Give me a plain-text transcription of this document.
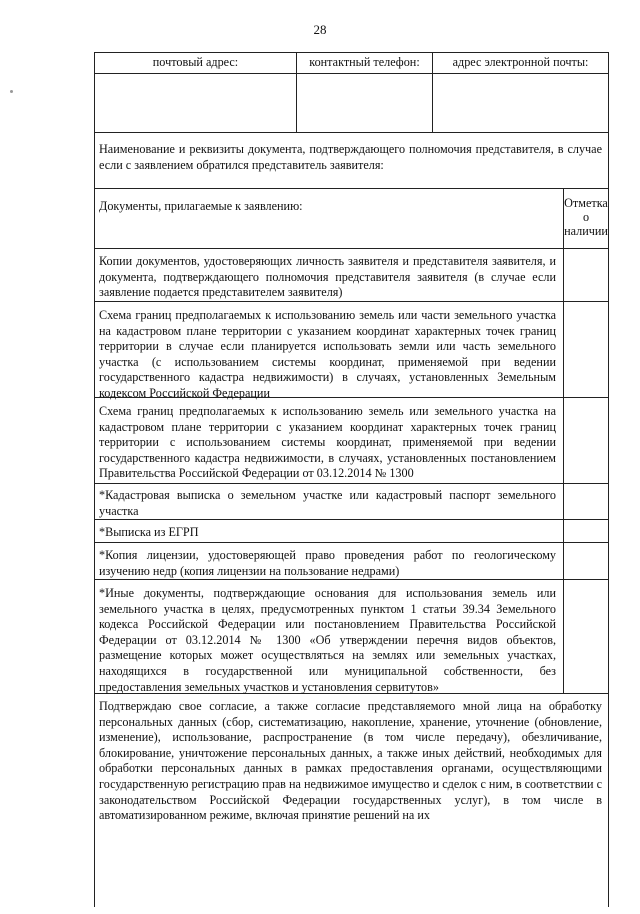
28
почтовый адрес:	контактный телефон:	адрес электронной почты:
Наименование и реквизиты документа, подтверждающего полномочия представителя, в случае если с заявлением обратился представитель заявителя:
Документы, прилагаемые к заявлению:	Отметка о наличии
Копии документов, удостоверяющих личность заявителя и представителя заявителя, и документа, подтверждающего полномочия представителя заявителя (в случае если заявление подается представителем заявителя)
Схема границ предполагаемых к использованию земель или части земельного участка на кадастровом плане территории с указанием координат характерных точек границ территории в случае если планируется использовать земли или часть земельного участка (с использованием системы координат, применяемой при ведении государственного кадастра недвижимости) в случаях, установленных Земельным кодексом Российской Федерации
Схема границ предполагаемых к использованию земель или земельного участка на кадастровом плане территории с указанием координат характерных точек границ территории с использованием системы координат, применяемой при ведении государственного кадастра недвижимости, в случаях, установленных постановлением Правительства Российской Федерации от 03.12.2014 № 1300
*Кадастровая выписка о земельном участке или кадастровый паспорт земельного участка
*Выписка из ЕГРП
*Копия лицензии, удостоверяющей право проведения работ по геологическому изучению недр (копия лицензии на пользование недрами)
*Иные документы, подтверждающие основания для использования земель или земельного участка в целях, предусмотренных пунктом 1 статьи 39.34 Земельного кодекса Российской Федерации или постановлением Правительства Российской Федерации от 03.12.2014 № 1300 «Об утверждении перечня видов объектов, размещение которых может осуществляться на землях или земельных участках, находящихся в государственной или муниципальной собственности, без предоставления земельных участков и установления сервитутов»
Подтверждаю свое согласие, а также согласие представляемого мной лица на обработку персональных данных (сбор, систематизацию, накопление, хранение, уточнение (обновление, изменение), использование, распространение (в том числе передачу), обезличивание, блокирование, уничтожение персональных данных, а также иных действий, необходимых для обработки персональных данных в рамках предоставления органами, осуществляющими государственную регистрацию прав на недвижимое имущество и сделок с ним, в соответствии с законодательством Российской Федерации государственных услуг), в том числе в автоматизированном режиме, включая принятие решений на их
